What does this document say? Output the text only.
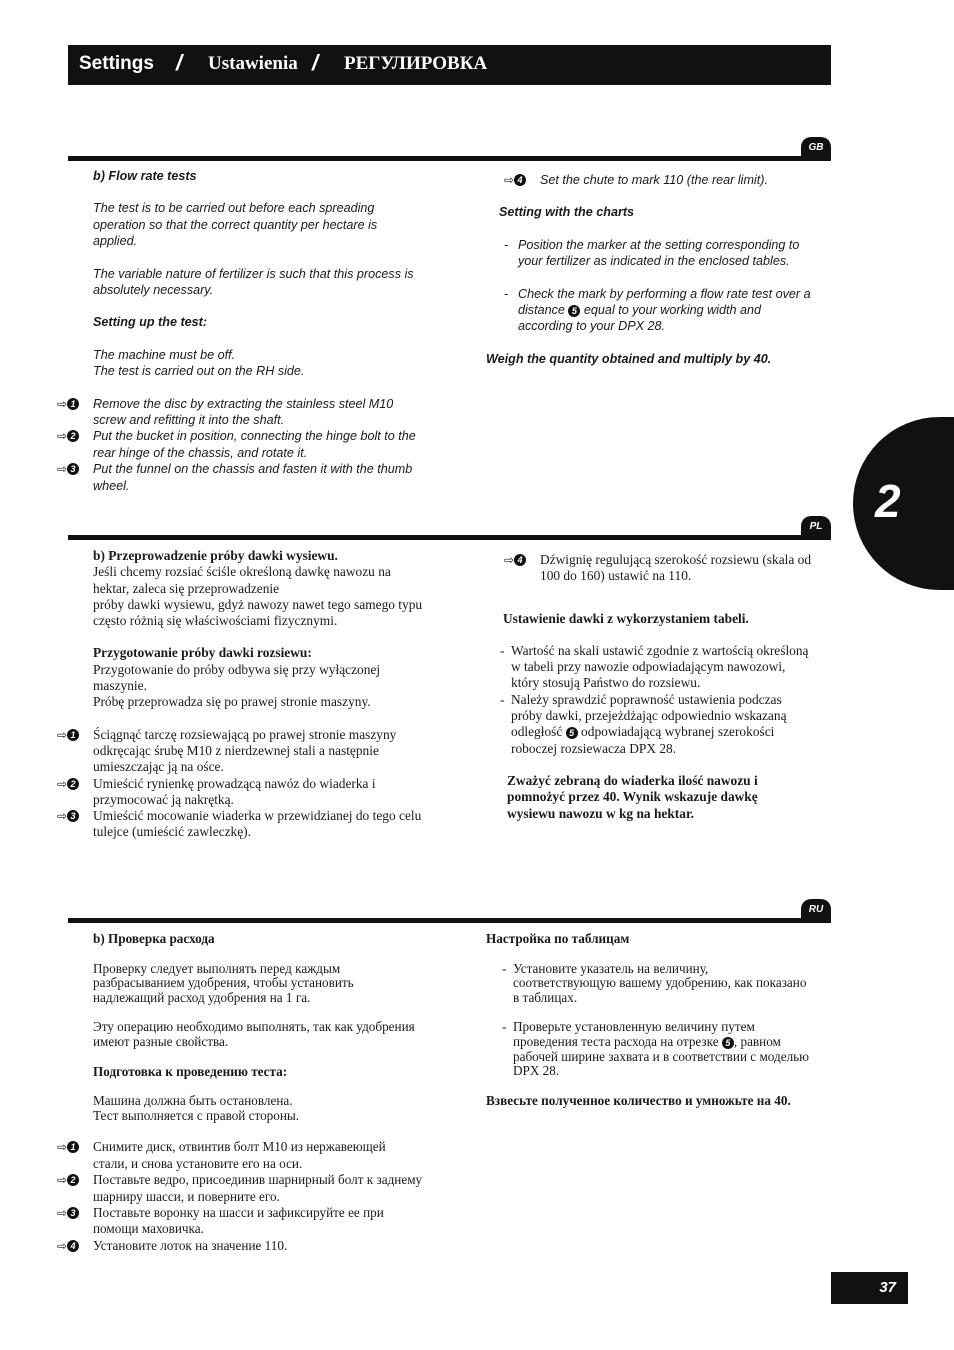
Settings / Ustawienia / РЕГУЛИРОВКА
2
GB

b) Flow rate tests

The test is to be carried out before each spreading operation so that the correct quantity per hectare is applied.

The variable nature of fertilizer is such that this process is absolutely necessary.

Setting up the test:

The machine must be off.

The test is carried out on the RH side.

⇨ 1 Remove the disc by extracting the stainless steel M10 screw and refitting it into the shaft.
⇨ 2 Put the bucket in position, connecting the hinge bolt to the rear hinge of the chassis, and rotate it.
⇨ 3 Put the funnel on the chassis and fasten it with the thumb wheel.
⇨ 4 Set the chute to mark 110 (the rear limit).

Setting with the charts

- Position the marker at the setting corresponding to your fertilizer as indicated in the enclosed tables.
- Check the mark by performing a flow rate test over a distance 5 equal to your working width and according to your DPX 28.

Weigh the quantity obtained and multiply by 40.

PL

b) Przeprowadzenie próby dawki wysiewu.

Jeśli chcemy rozsiać ściśle określoną dawkę nawozu na hektar, zaleca się przeprowadzenie

próby dawki wysiewu, gdyż nawozy nawet tego samego typu często różnią się właściwościami fizycznymi.

Przygotowanie próby dawki rozsiewu:

Przygotowanie do próby odbywa się przy wyłączonej maszynie.

Próbę przeprowadza się po prawej stronie maszyny.

⇨ 1 Ściągnąć tarczę rozsiewającą po prawej stronie maszyny odkręcając śrubę M10 z nierdzewnej stali a następnie umieszczając ją na ośce.
⇨ 2 Umieścić rynienkę prowadzącą nawóz do wiaderka i przymocować ją nakrętką.
⇨ 3 Umieścić mocowanie wiaderka w przewidzianej do tego celu tulejce (umieścić zawleczkę).
⇨ 4 Dźwignię regulującą szerokość rozsiewu (skala od 100 do 160) ustawić na 110.

Ustawienie dawki z wykorzystaniem tabeli.

- Wartość na skali ustawić zgodnie z wartością określoną w tabeli przy nawozie odpowiadającym nawozowi, który stosują Państwo do rozsiewu.
- Należy sprawdzić poprawność ustawienia podczas próby dawki, przejeżdżając odpowiednio wskazaną odległość 5 odpowiadającą wybranej szerokości roboczej rozsiewacza DPX 28.

Zważyć zebraną do wiaderka ilość nawozu i pomnożyć przez 40. Wynik wskazuje dawkę wysiewu nawozu w kg na hektar.

RU

b) Проверка расхода

Проверку следует выполнять перед каждым разбрасыванием удобрения, чтобы установить надлежащий расход удобрения на 1 га.

Эту операцию необходимо выполнять, так как удобрения имеют разные свойства.

Подготовка к проведению теста:

Машина должна быть остановлена.

Тест выполняется с правой стороны.

⇨ 1 Снимите диск, отвинтив болт М10 из нержавеющей стали, и снова установите его на оси.
⇨ 2 Поставьте ведро, присоединив шарнирный болт к заднему шарниру шасси, и поверните его.
⇨ 3 Поставьте воронку на шасси и зафиксируйте ее при помощи маховичка.
⇨ 4 Установите лоток на значение 110.

Настройка по таблицам

- Установите указатель на величину, соответствующую вашему удобрению, как показано в таблицах.
- Проверьте установленную величину путем проведения теста расхода на отрезке 5 , равном рабочей ширине захвата и в соответствии с моделью DPX 28.

Взвесьте полученное количество и умножьте на 40.

37
